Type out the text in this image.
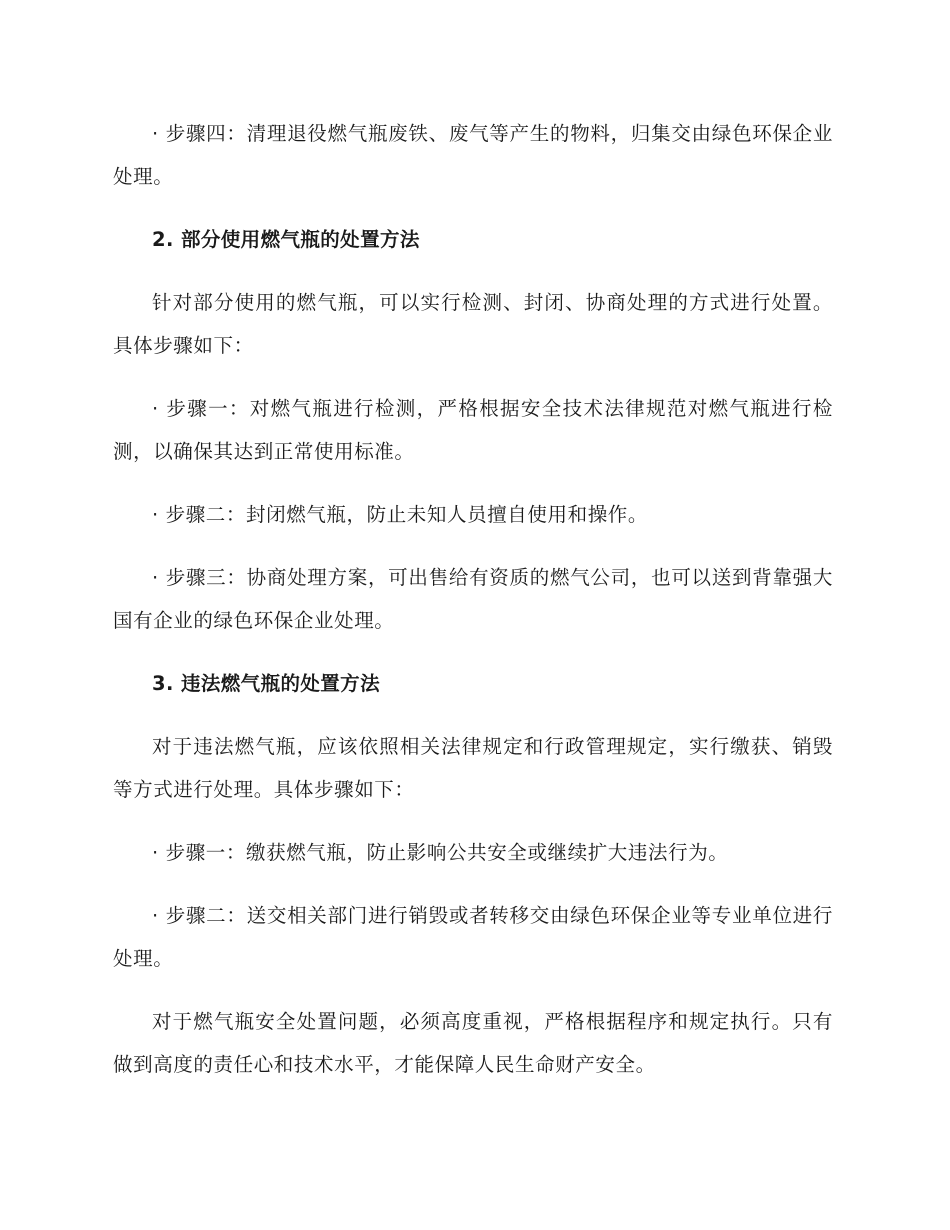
· 步骤四：清理退役燃气瓶废铁、废气等产生的物料，归集交由绿色环保企业处理。

2. 部分使用燃气瓶的处置方法

针对部分使用的燃气瓶，可以实行检测、封闭、协商处理的方式进行处置。具体步骤如下：

· 步骤一：对燃气瓶进行检测，严格根据安全技术法律规范对燃气瓶进行检测，以确保其达到正常使用标准。

· 步骤二：封闭燃气瓶，防止未知人员擅自使用和操作。

· 步骤三：协商处理方案，可出售给有资质的燃气公司，也可以送到背靠强大国有企业的绿色环保企业处理。

3. 违法燃气瓶的处置方法

对于违法燃气瓶，应该依照相关法律规定和行政管理规定，实行缴获、销毁等方式进行处理。具体步骤如下：

· 步骤一：缴获燃气瓶，防止影响公共安全或继续扩大违法行为。

· 步骤二：送交相关部门进行销毁或者转移交由绿色环保企业等专业单位进行处理。

对于燃气瓶安全处置问题，必须高度重视，严格根据程序和规定执行。只有做到高度的责任心和技术水平，才能保障人民生命财产安全。
